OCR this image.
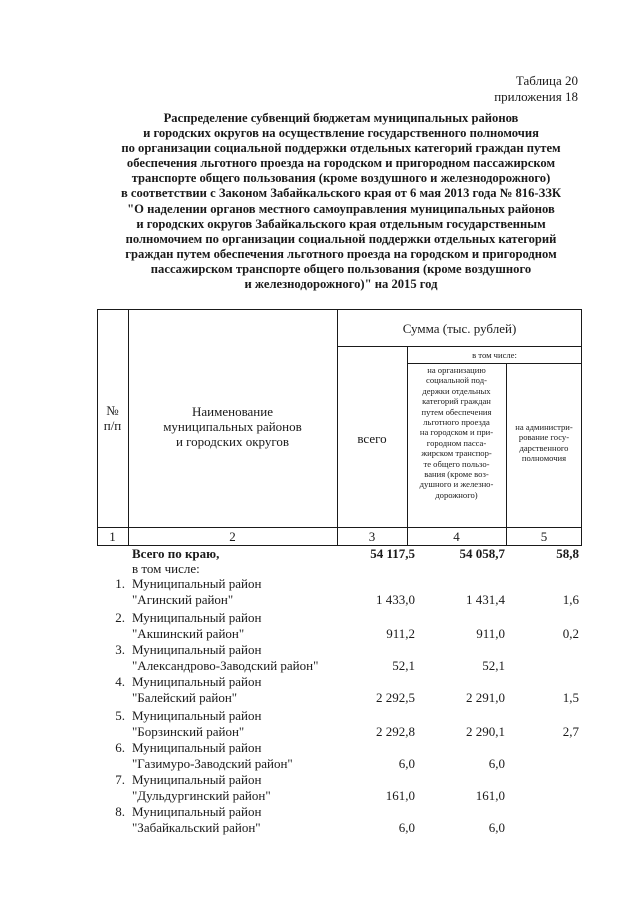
Таблица 20
приложения 18
Распределение субвенций бюджетам муниципальных районов
и городских округов на осуществление государственного полномочия
по организации социальной поддержки отдельных категорий граждан путем
обеспечения льготного проезда на городском и пригородном пассажирском
транспорте общего пользования (кроме воздушного и железнодорожного)
в соответствии с Законом Забайкальского края от 6 мая 2013 года № 816-ЗЗК
"О наделении органов местного самоуправления муниципальных районов
и городских округов Забайкальского края отдельным государственным
полномочием по организации социальной поддержки отдельных категорий
граждан путем обеспечения льготного проезда на городском и пригородном
пассажирском транспорте общего пользования (кроме воздушного
и железнодорожного)" на 2015 год
№
п/п
Наименование
муниципальных районов
и городских округов
Сумма (тыс. рублей)
в том числе:
всего
на организацию
социальной под-
держки отдельных
категорий граждан
путем обеспечения
льготного проезда
на городском и при-
городном пасса-
жирском транспор-
те общего пользо-
вания (кроме воз-
душного и железно-
дорожного)
на администри-
рование госу-
дарственного
полномочия
1	2	3	4	5
Всего по краю,	54 117,5	54 058,7	58,8
в том числе:
1. Муниципальный район
"Агинский район"	1 433,0	1 431,4	1,6
2. Муниципальный район
"Акшинский район"	911,2	911,0	0,2
3. Муниципальный район
"Александрово-Заводский район"	52,1	52,1
4. Муниципальный район
"Балейский район"	2 292,5	2 291,0	1,5
5. Муниципальный район
"Борзинский район"	2 292,8	2 290,1	2,7
6. Муниципальный район
"Газимуро-Заводский район"	6,0	6,0
7. Муниципальный район
"Дульдургинский район"	161,0	161,0
8. Муниципальный район
"Забайкальский район"	6,0	6,0
